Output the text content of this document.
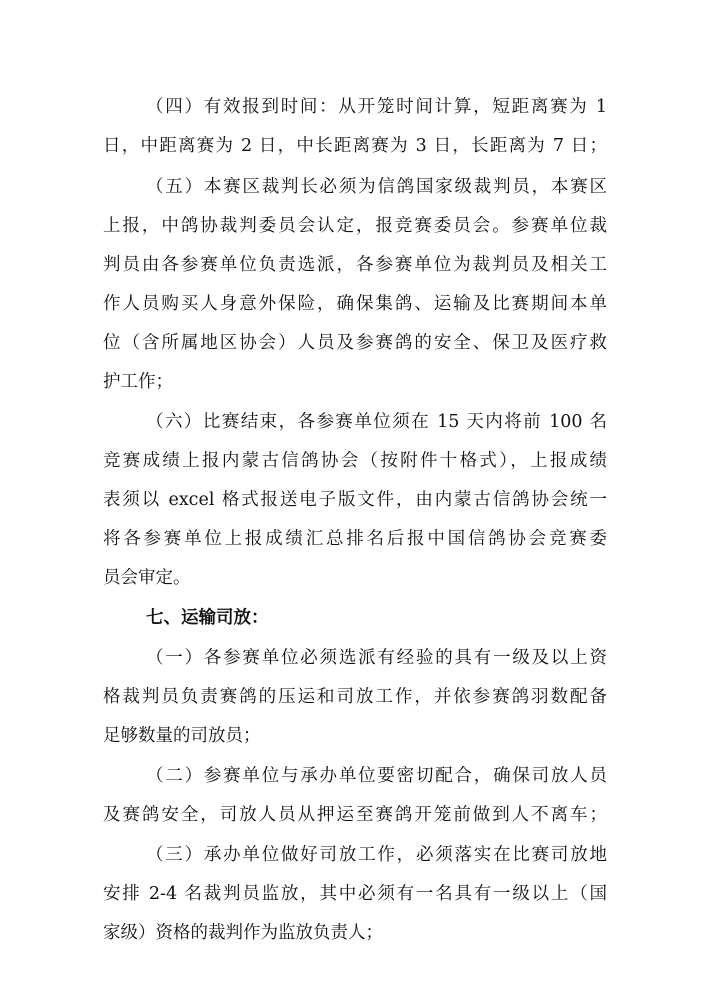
（四）有效报到时间：从开笼时间计算，短距离赛为 1

日，中距离赛为 2 日，中长距离赛为 3 日，长距离为 7 日；

（五）本赛区裁判长必须为信鸽国家级裁判员，本赛区

上报，中鸽协裁判委员会认定，报竞赛委员会。参赛单位裁

判员由各参赛单位负责选派，各参赛单位为裁判员及相关工

作人员购买人身意外保险，确保集鸽、运输及比赛期间本单

位（含所属地区协会）人员及参赛鸽的安全、保卫及医疗救

护工作；

（六）比赛结束，各参赛单位须在 15 天内将前 100 名

竞赛成绩上报内蒙古信鸽协会（按附件十格式），上报成绩

表须以 excel 格式报送电子版文件，由内蒙古信鸽协会统一

将各参赛单位上报成绩汇总排名后报中国信鸽协会竞赛委

员会审定。

七、运输司放：

（一）各参赛单位必须选派有经验的具有一级及以上资

格裁判员负责赛鸽的压运和司放工作，并依参赛鸽羽数配备

足够数量的司放员；

（二）参赛单位与承办单位要密切配合，确保司放人员

及赛鸽安全，司放人员从押运至赛鸽开笼前做到人不离车；

（三）承办单位做好司放工作，必须落实在比赛司放地

安排 2-4 名裁判员监放，其中必须有一名具有一级以上（国

家级）资格的裁判作为监放负责人；
